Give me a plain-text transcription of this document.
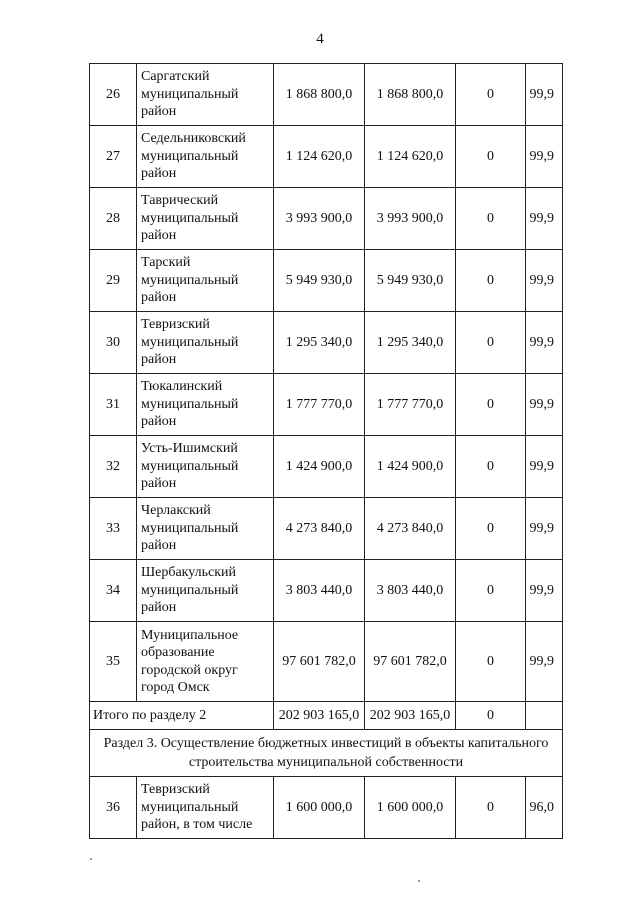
4
26	Саргатский муниципальный район	1 868 800,0	1 868 800,0	0	99,9
27	Седельниковский муниципальный район	1 124 620,0	1 124 620,0	0	99,9
28	Таврический муниципальный район	3 993 900,0	3 993 900,0	0	99,9
29	Тарский муниципальный район	5 949 930,0	5 949 930,0	0	99,9
30	Тевризский муниципальный район	1 295 340,0	1 295 340,0	0	99,9
31	Тюкалинский муниципальный район	1 777 770,0	1 777 770,0	0	99,9
32	Усть-Ишимский муниципальный район	1 424 900,0	1 424 900,0	0	99,9
33	Черлакский муниципальный район	4 273 840,0	4 273 840,0	0	99,9
34	Шербакульский муниципальный район	3 803 440,0	3 803 440,0	0	99,9
35	Муниципальное образование городской округ город Омск	97 601 782,0	97 601 782,0	0	99,9
Итого по разделу 2		202 903 165,0	202 903 165,0	0	
Раздел 3. Осуществление бюджетных инвестиций в объекты капитального строительства муниципальной собственности					
36	Тевризский муниципальный район, в том числе	1 600 000,0	1 600 000,0	0	96,0
